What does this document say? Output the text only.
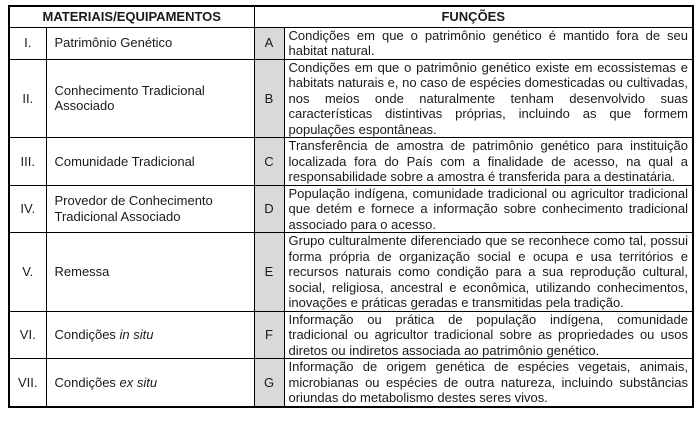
MATERIAIS/EQUIPAMENTOS		FUNÇÕES	
I.	Patrimônio Genético	A	Condições em que o patrimônio genético é mantido fora de seu habitat natural.
II.	Conhecimento Tradicional Associado	B	Condições em que o patrimônio genético existe em ecossistemas e habitats naturais e, no caso de espécies domesticadas ou cultivadas, nos meios onde naturalmente tenham desenvolvido suas características distintivas próprias, incluindo as que formem populações espontâneas.
III.	Comunidade Tradicional	C	Transferência de amostra de patrimônio genético para instituição localizada fora do País com a finalidade de acesso, na qual a responsabilidade sobre a amostra é transferida para a destinatária.
IV.	Provedor de Conhecimento Tradicional Associado	D	População indígena, comunidade tradicional ou agricultor tradicional que detém e fornece a informação sobre conhecimento tradicional associado para o acesso.
V.	Remessa	E	Grupo culturalmente diferenciado que se reconhece como tal, possui forma própria de organização social e ocupa e usa territórios e recursos naturais como condição para a sua reprodução cultural, social, religiosa, ancestral e econômica, utilizando conhecimentos, inovações e práticas geradas e transmitidas pela tradição.
VI.	Condições in situ	F	Informação ou prática de população indígena, comunidade tradicional ou agricultor tradicional sobre as propriedades ou usos diretos ou indiretos associada ao patrimônio genético.
VII.	Condições ex situ	G	Informação de origem genética de espécies vegetais, animais, microbianas ou espécies de outra natureza, incluindo substâncias oriundas do metabolismo destes seres vivos.
